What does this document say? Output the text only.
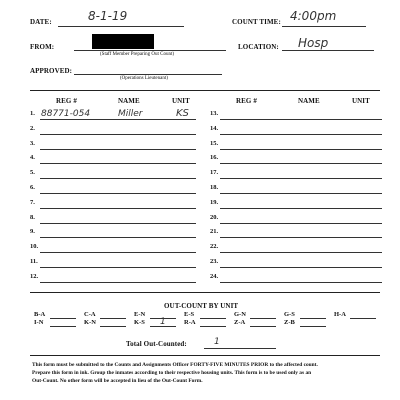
DATE:	8-1-19	COUNT TIME: 4:00pm
FROM:
(Staff Member Preparing Out Count)
LOCATION: Hosp
APPROVED:
(Operations Lieutenant)
REG #	NAME	UNIT	REG #	NAME	UNIT
1. 88771-054	Miller	KS
2.
3.
4.
5.
6.
7.
8.
9.
10.
11.
12.
13.
14.
15.
16.
17.
18.
19.
20.
21.
22.
23.
24.
OUT-COUNT BY UNIT
B-A	C-A	E-N	E-S	G-N	G-S	H-A
I-N	K-N	K-S 1	R-A	Z-A	Z-B
Total Out-Counted:	1
This form must be submitted to the Counts and Assignments Officer FORTY-FIVE MINUTES PRIOR to the affected count.
Prepare this form in ink. Group the inmates according to their respective housing units. This form is to be used only as an
Out-Count. No other form will be accepted in lieu of the Out-Count Form.
